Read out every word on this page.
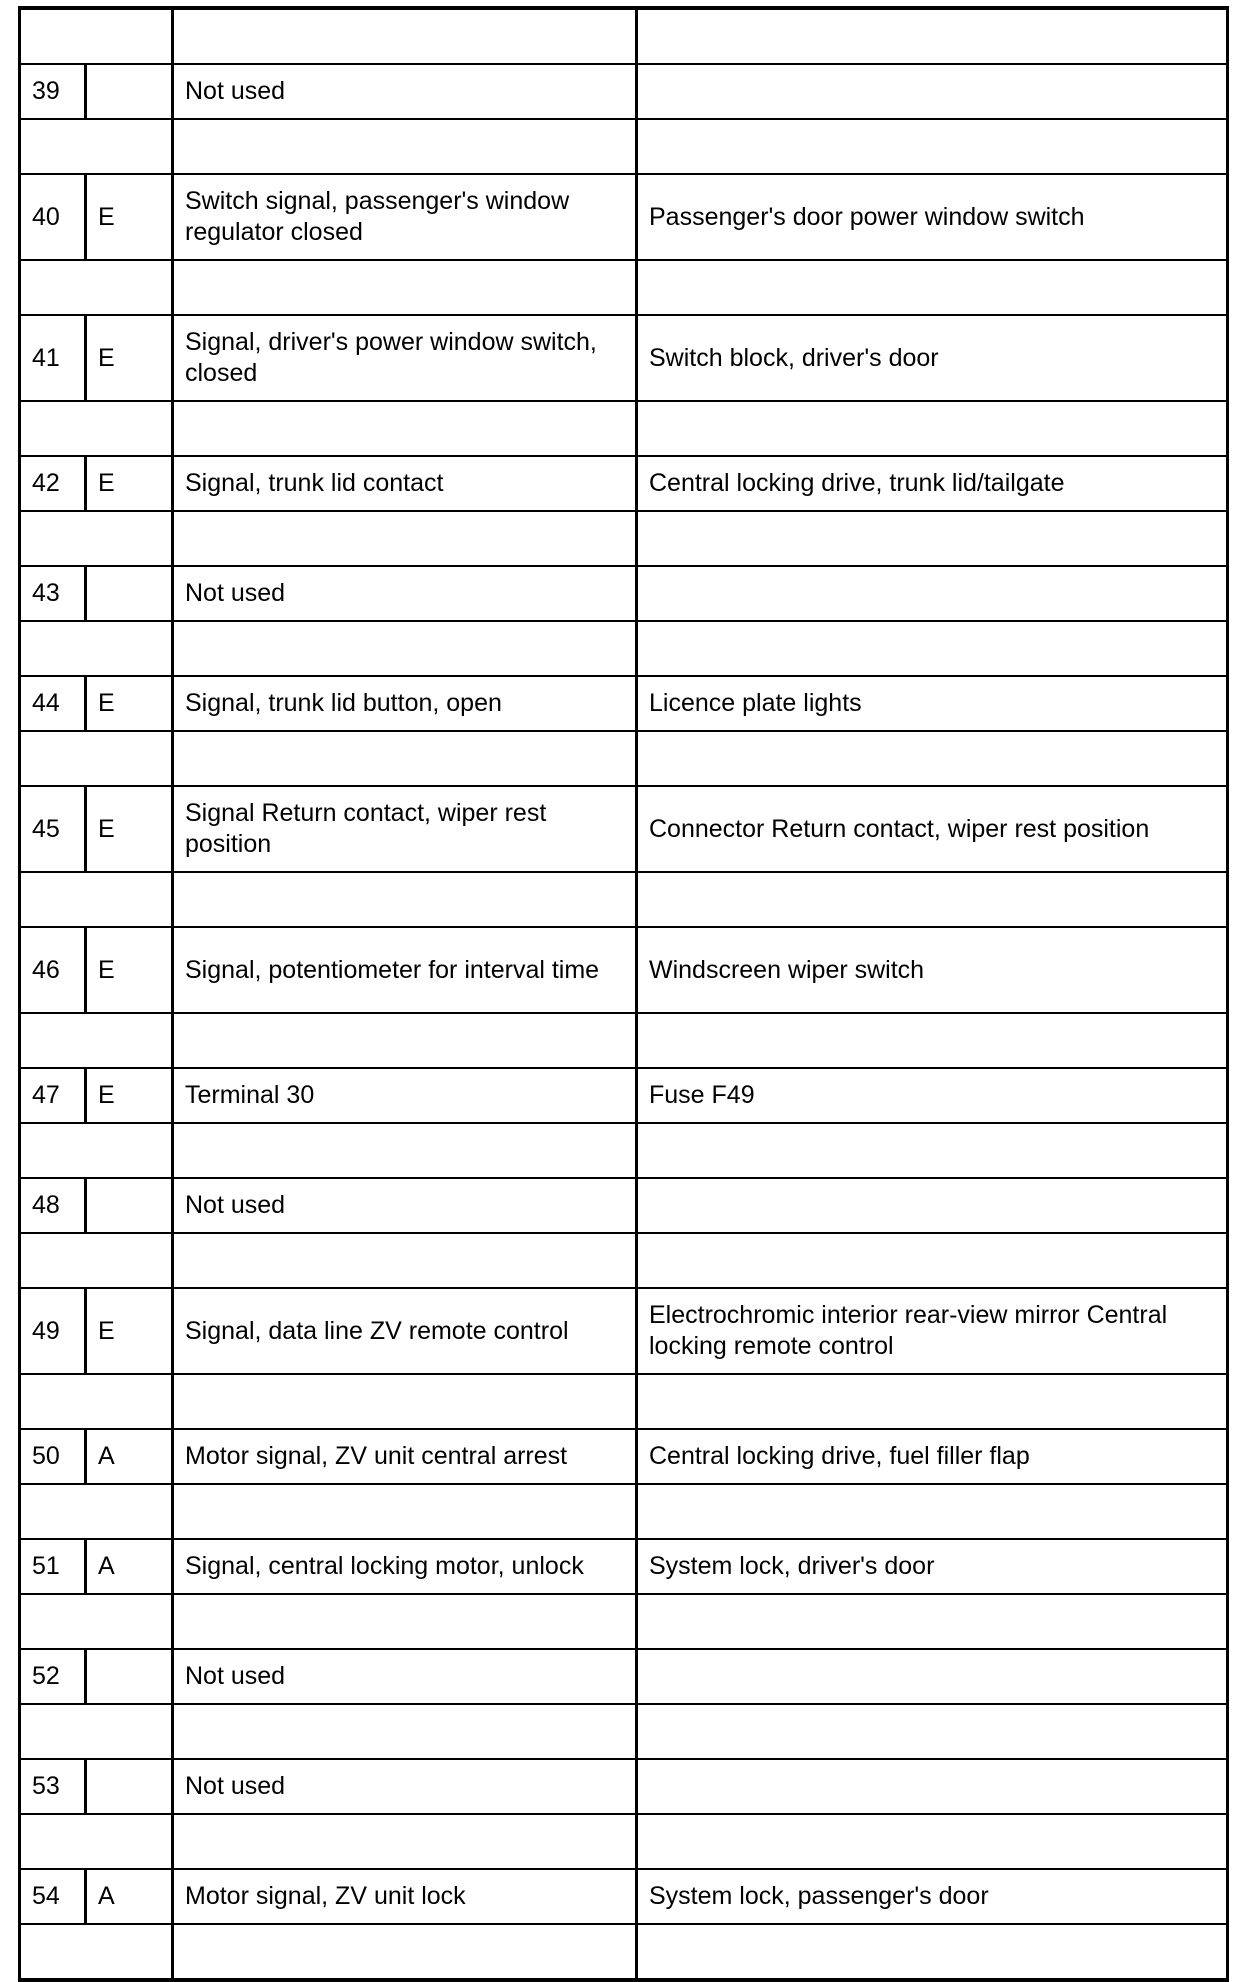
39		Not used	

40	E	Switch signal, passenger's window regulator closed	Passenger's door power window switch

41	E	Signal, driver's power window switch, closed	Switch block, driver's door

42	E	Signal, trunk lid contact	Central locking drive, trunk lid/tailgate

43		Not used	

44	E	Signal, trunk lid button, open	Licence plate lights

45	E	Signal Return contact, wiper rest position	Connector Return contact, wiper rest position

46	E	Signal, potentiometer for interval time	Windscreen wiper switch

47	E	Terminal 30	Fuse F49

48		Not used	

49	E	Signal, data line ZV remote control	Electrochromic interior rear-view mirror Central locking remote control

50	A	Motor signal, ZV unit central arrest	Central locking drive, fuel filler flap

51	A	Signal, central locking motor, unlock	System lock, driver's door

52		Not used	

53		Not used	

54	A	Motor signal, ZV unit lock	System lock, passenger's door
